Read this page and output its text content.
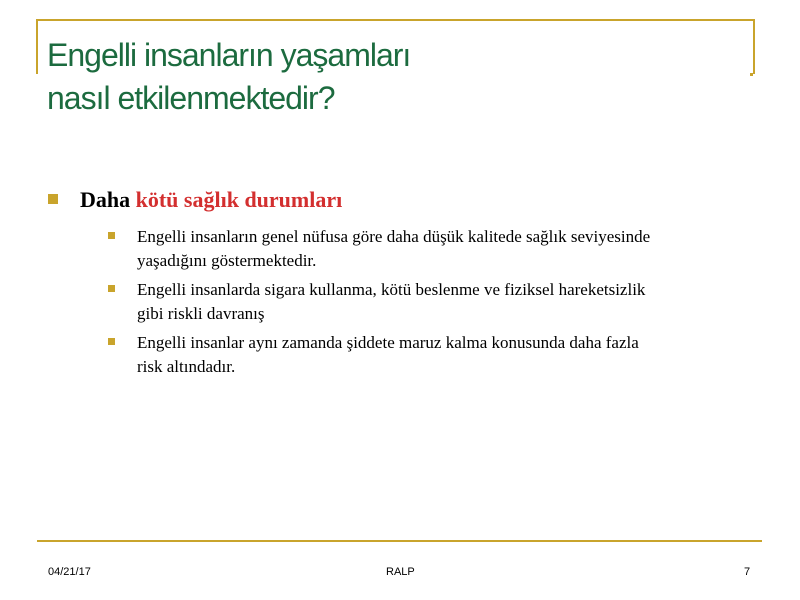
Engelli insanların yaşamları
nasıl etkilenmektedir?
Daha kötü sağlık durumları
Engelli insanların genel nüfusa göre daha düşük kalitede sağlık seviyesinde yaşadığını göstermektedir.
Engelli insanlarda sigara kullanma, kötü beslenme ve fiziksel hareketsizlik gibi riskli davranış
Engelli insanlar aynı zamanda şiddete maruz kalma konusunda daha fazla risk altındadır.
04/21/17	RALP	7
